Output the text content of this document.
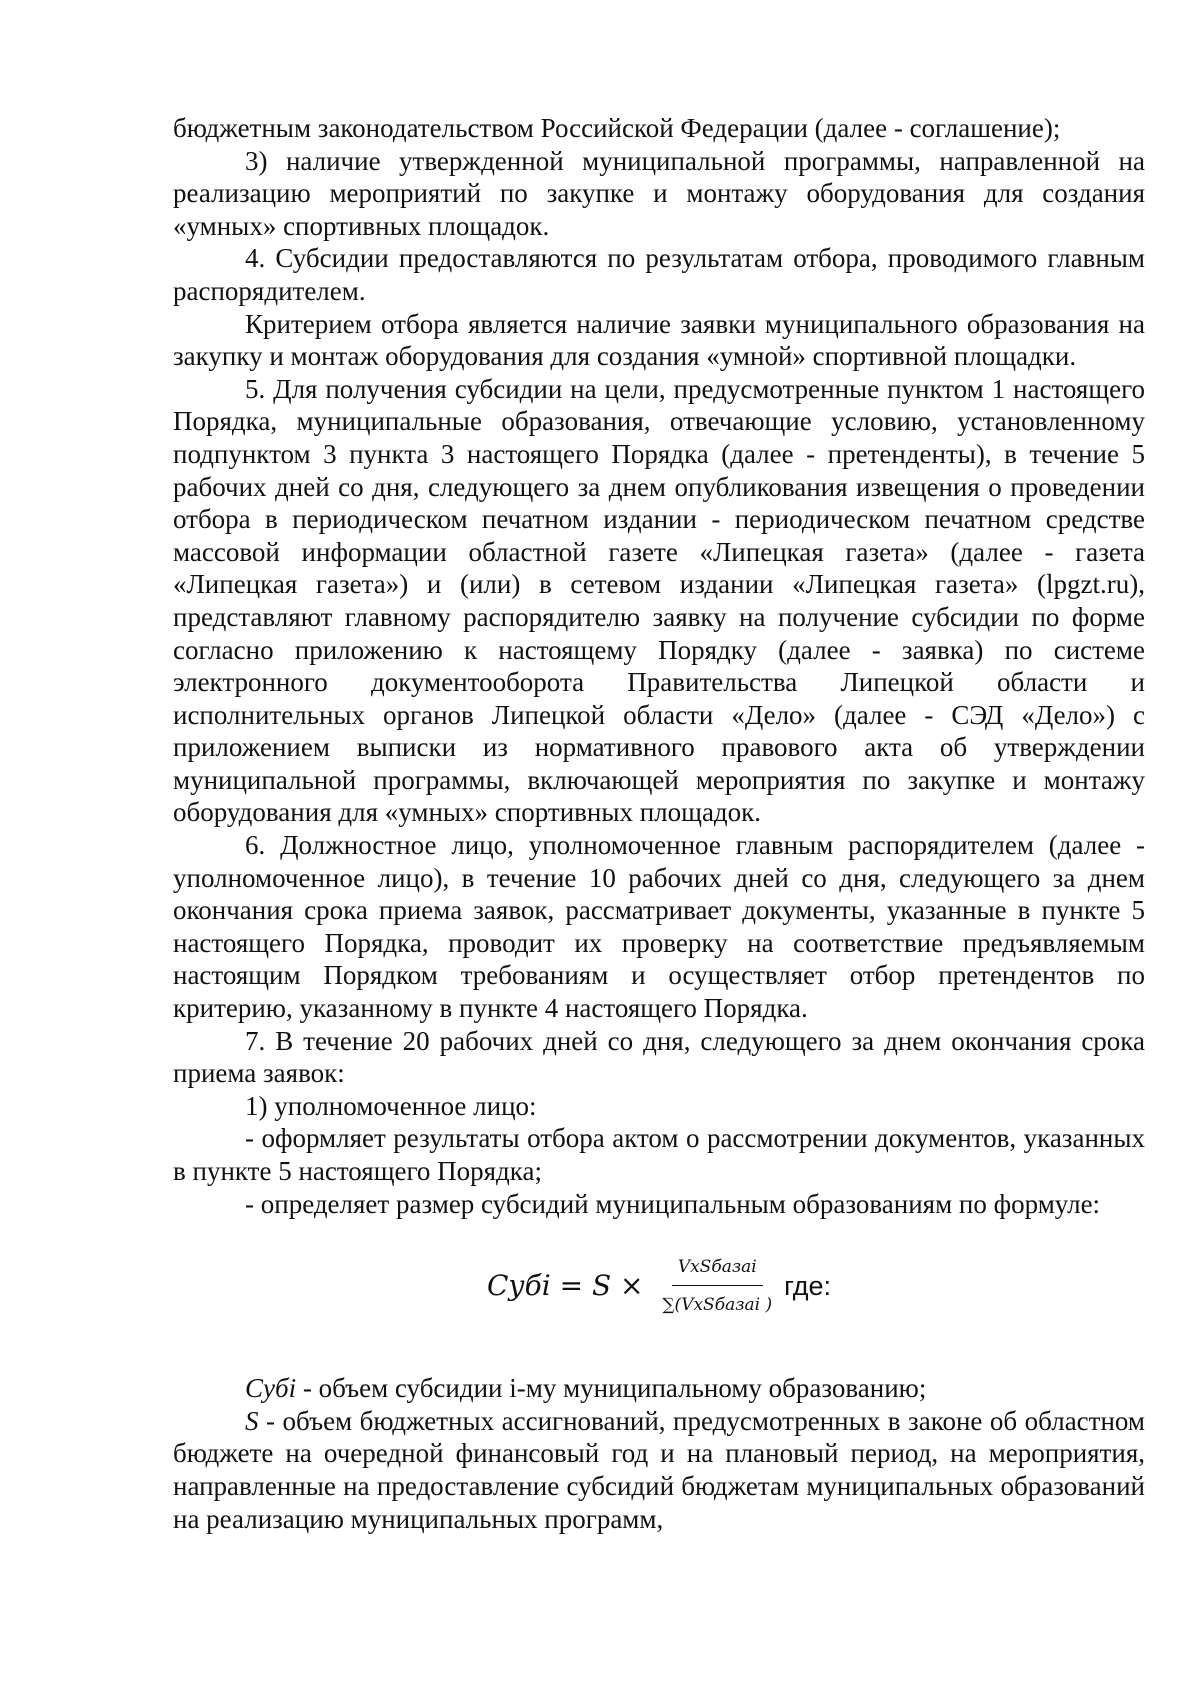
бюджетным законодательством Российской Федерации (далее - соглашение);

3) наличие утвержденной муниципальной программы, направленной на реализацию мероприятий по закупке и монтажу оборудования для создания «умных» спортивных площадок.

4. Субсидии предоставляются по результатам отбора, проводимого главным распорядителем.

Критерием отбора является наличие заявки муниципального образования на закупку и монтаж оборудования для создания «умной» спортивной площадки.

5. Для получения субсидии на цели, предусмотренные пунктом 1 настоящего Порядка, муниципальные образования, отвечающие условию, установленному подпунктом 3 пункта 3 настоящего Порядка (далее - претенденты), в течение 5 рабочих дней со дня, следующего за днем опубликования извещения о проведении отбора в периодическом печатном издании - периодическом печатном средстве массовой информации областной газете «Липецкая газета» (далее - газета «Липецкая газета») и (или) в сетевом издании «Липецкая газета» (lpgzt.ru), представляют главному распорядителю заявку на получение субсидии по форме согласно приложению к настоящему Порядку (далее - заявка) по системе электронного документооборота Правительства Липецкой области и исполнительных органов Липецкой области «Дело» (далее - СЭД «Дело») с приложением выписки из нормативного правового акта об утверждении муниципальной программы, включающей мероприятия по закупке и монтажу оборудования для «умных» спортивных площадок.

6. Должностное лицо, уполномоченное главным распорядителем (далее - уполномоченное лицо), в течение 10 рабочих дней со дня, следующего за днем окончания срока приема заявок, рассматривает документы, указанные в пункте 5 настоящего Порядка, проводит их проверку на соответствие предъявляемым настоящим Порядком требованиям и осуществляет отбор претендентов по критерию, указанному в пункте 4 настоящего Порядка.

7. В течение 20 рабочих дней со дня, следующего за днем окончания срока приема заявок:

1) уполномоченное лицо:

- оформляет результаты отбора актом о рассмотрении документов, указанных в пункте 5 настоящего Порядка;

- определяет размер субсидий муниципальным образованиям по формуле:

Субi = $S \times \frac{\text{VxSбазаi}}{\text{∑(VxSбазаi )}}$ где:

Субi - объем субсидии i-му муниципальному образованию;

S - объем бюджетных ассигнований, предусмотренных в законе об областном бюджете на очередной финансовый год и на плановый период, на мероприятия, направленные на предоставление субсидий бюджетам муниципальных образований на реализацию муниципальных программ,
